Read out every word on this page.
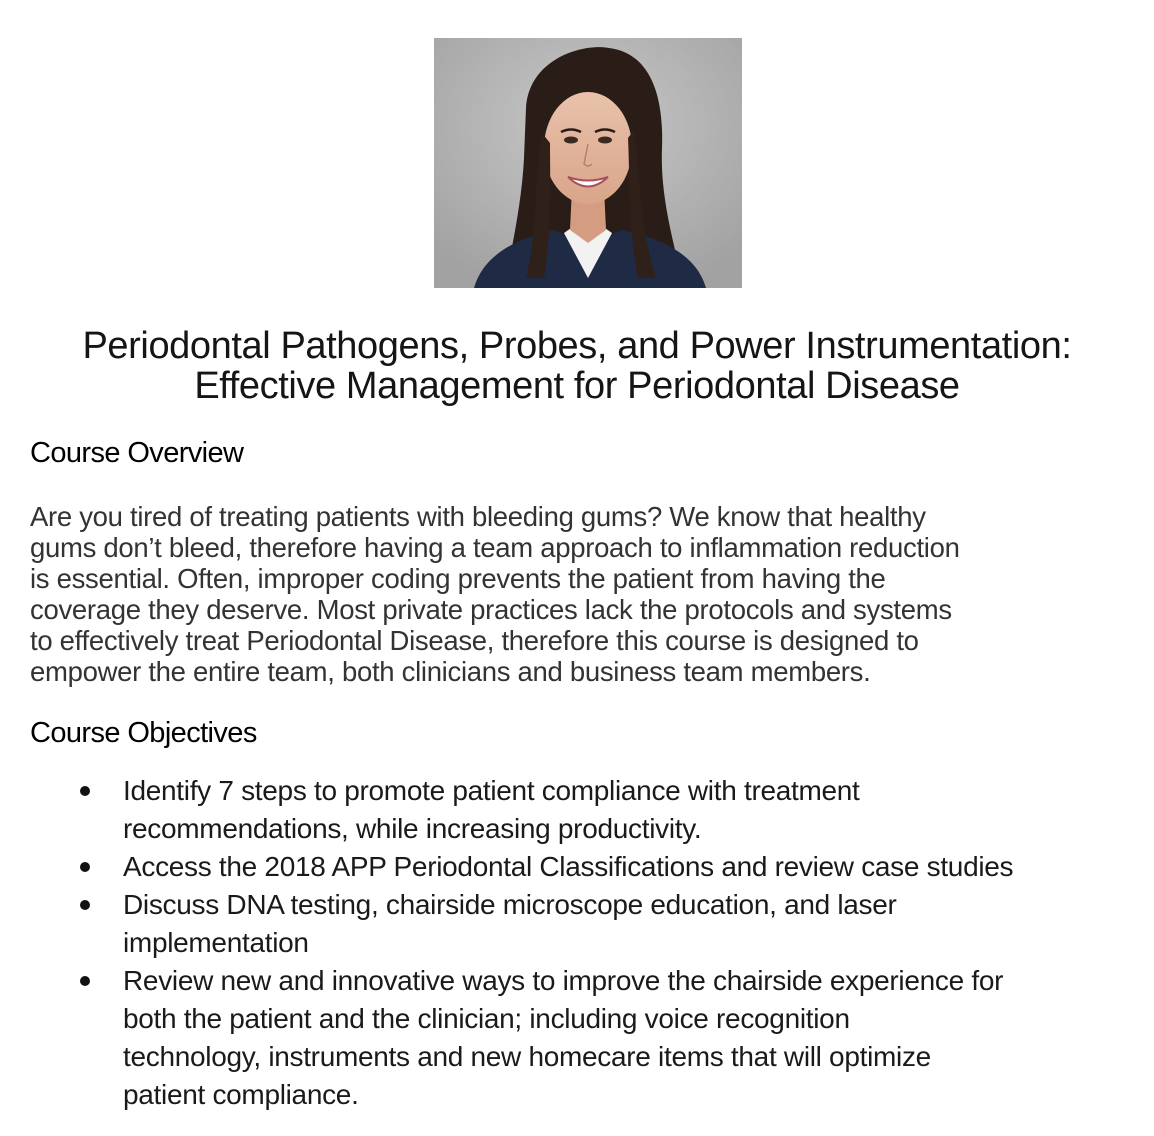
Periodontal Pathogens, Probes, and Power Instrumentation:
Effective Management for Periodontal Disease
Course Overview

Are you tired of treating patients with bleeding gums? We know that healthy
gums don’t bleed, therefore having a team approach to inflammation reduction
is essential. Often, improper coding prevents the patient from having the
coverage they deserve. Most private practices lack the protocols and systems
to effectively treat Periodontal Disease, therefore this course is designed to
empower the entire team, both clinicians and business team members.

Course Objectives
Identify 7 steps to promote patient compliance with treatment
recommendations, while increasing productivity.
Access the 2018 APP Periodontal Classifications and review case studies
Discuss DNA testing, chairside microscope education, and laser
implementation
Review new and innovative ways to improve the chairside experience for
both the patient and the clinician; including voice recognition
technology, instruments and new homecare items that will optimize
patient compliance.
